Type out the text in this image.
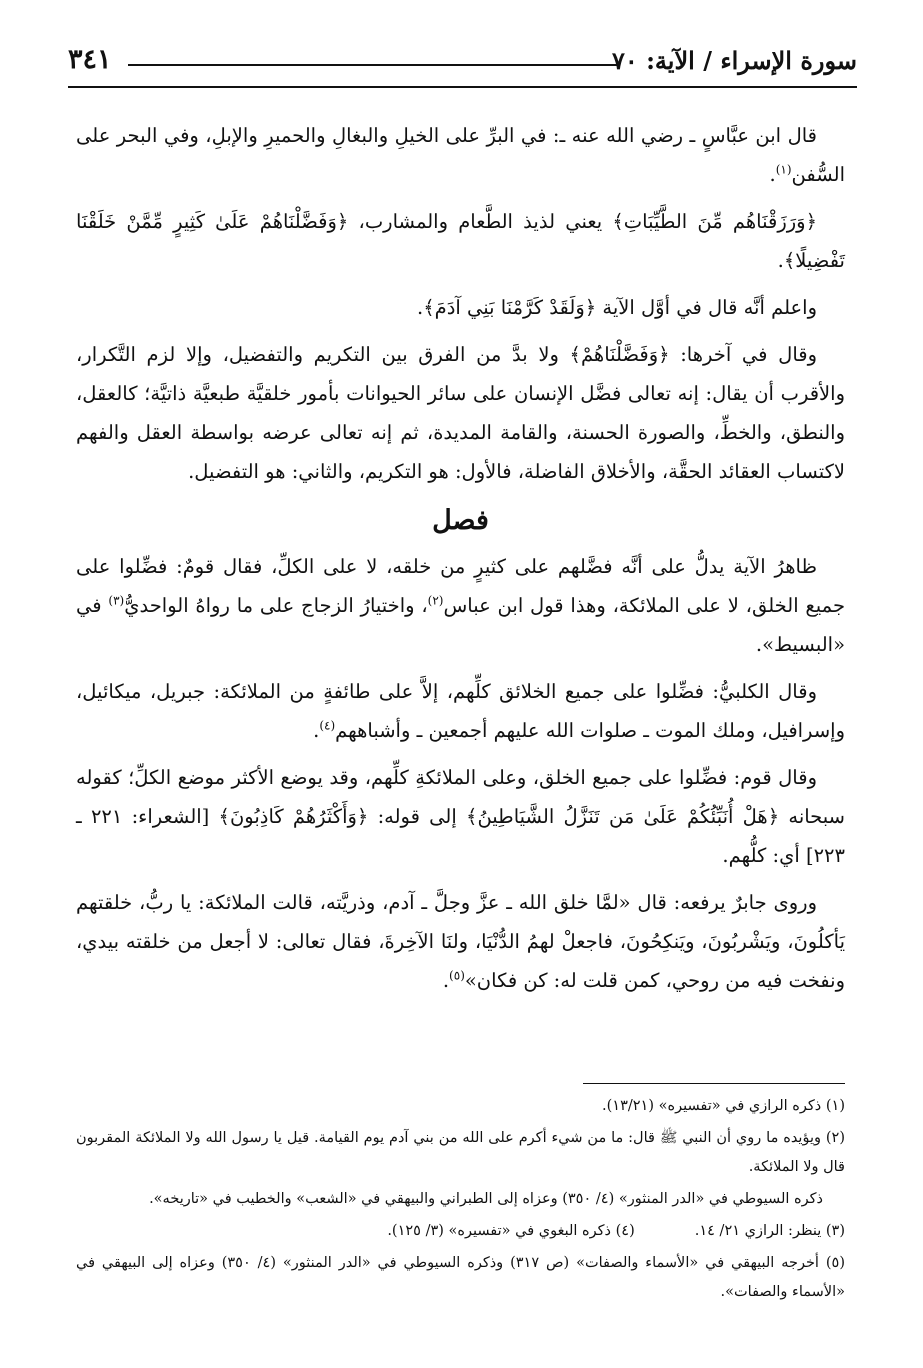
سورة الإسراء / الآية: ٧٠
٣٤١

قال ابن عبَّاسٍ ـ رضي الله عنه ـ: في البرِّ على الخيلِ والبغالِ والحميرِ والإبلِ، وفي البحر على السُّفن$^{(١)}$.

﴿وَرَزَقْنَاهُم مِّنَ الطَّيِّبَاتِ﴾ يعني لذيذ الطَّعام والمشارب، ﴿وَفَضَّلْنَاهُمْ عَلَىٰ كَثِيرٍ مِّمَّنْ خَلَقْنَا تَفْضِيلًا﴾.

واعلم أنَّه قال في أوَّل الآية ﴿وَلَقَدْ كَرَّمْنَا بَنِي آدَمَ﴾.

وقال في آخرها: ﴿وَفَضَّلْنَاهُمْ﴾ ولا بدَّ من الفرق بين التكريم والتفضيل، وإلا لزم التَّكرار، والأقرب أن يقال: إنه تعالى فضَّل الإنسان على سائر الحيوانات بأمور خلقيَّة طبعيَّة ذاتيَّة؛ كالعقل، والنطق، والخطِّ، والصورة الحسنة، والقامة المديدة، ثم إنه تعالى عرضه بواسطة العقل والفهم لاكتساب العقائد الحقَّة، والأخلاق الفاضلة، فالأول: هو التكريم، والثاني: هو التفضيل.

فصل

ظاهرُ الآية يدلُّ على أنَّه فضَّلهم على كثيرٍ من خلقه، لا على الكلِّ، فقال قومٌ: فضِّلوا على جميع الخلق، لا على الملائكة، وهذا قول ابن عباس$^{(٢)}$، واختيارُ الزجاج على ما رواهُ الواحديُّ$^{(٣)}$ في «البسيط».

وقال الكلبيُّ: فضِّلوا على جميع الخلائق كلِّهم، إلاَّ على طائفةٍ من الملائكة: جبريل، ميكائيل، وإسرافيل، وملك الموت ـ صلوات الله عليهم أجمعين ـ وأشباههم$^{(٤)}$.

وقال قوم: فضِّلوا على جميع الخلق، وعلى الملائكةِ كلِّهم، وقد يوضع الأكثر موضع الكلِّ؛ كقوله سبحانه ﴿هَلْ أُنَبِّئُكُمْ عَلَىٰ مَن تَنَزَّلُ الشَّيَاطِينُ﴾ إلى قوله: ﴿وَأَكْثَرُهُمْ كَاذِبُونَ﴾ [الشعراء: ٢٢١ ـ ٢٢٣] أي: كلُّهم.

وروى جابرٌ يرفعه: قال «لمَّا خلق الله ـ عزَّ وجلَّ ـ آدم، وذريَّته، قالت الملائكة: يا ربُّ، خلقتهم يَأكلُونَ، ويَشْربُونَ، ويَنكِحُونَ، فاجعلْ لهمُ الدُّنْيَا، ولنَا الآخِرةَ، فقال تعالى: لا أجعل من خلقته بيدي، ونفخت فيه من روحي، كمن قلت له: كن فكان»$^{(٥)}$.

(١) ذكره الرازي في «تفسيره» (١٣/٢١).
(٢) ويؤيده ما روي أن النبي ﷺ قال: ما من شيء أكرم على الله من بني آدم يوم القيامة. قيل يا رسول الله ولا الملائكة المقربون قال ولا الملائكة.
ذكره السيوطي في «الدر المنثور» (٤/ ٣٥٠) وعزاه إلى الطبراني والبيهقي في «الشعب» والخطيب في «تاريخه».
(٣) ينظر: الرازي ٢١/ ١٤.
(٤) ذكره البغوي في «تفسيره» (٣/ ١٢٥).
(٥) أخرجه البيهقي في «الأسماء والصفات» (ص ٣١٧) وذكره السيوطي في «الدر المنثور» (٤/ ٣٥٠) وعزاه إلى البيهقي في «الأسماء والصفات».
